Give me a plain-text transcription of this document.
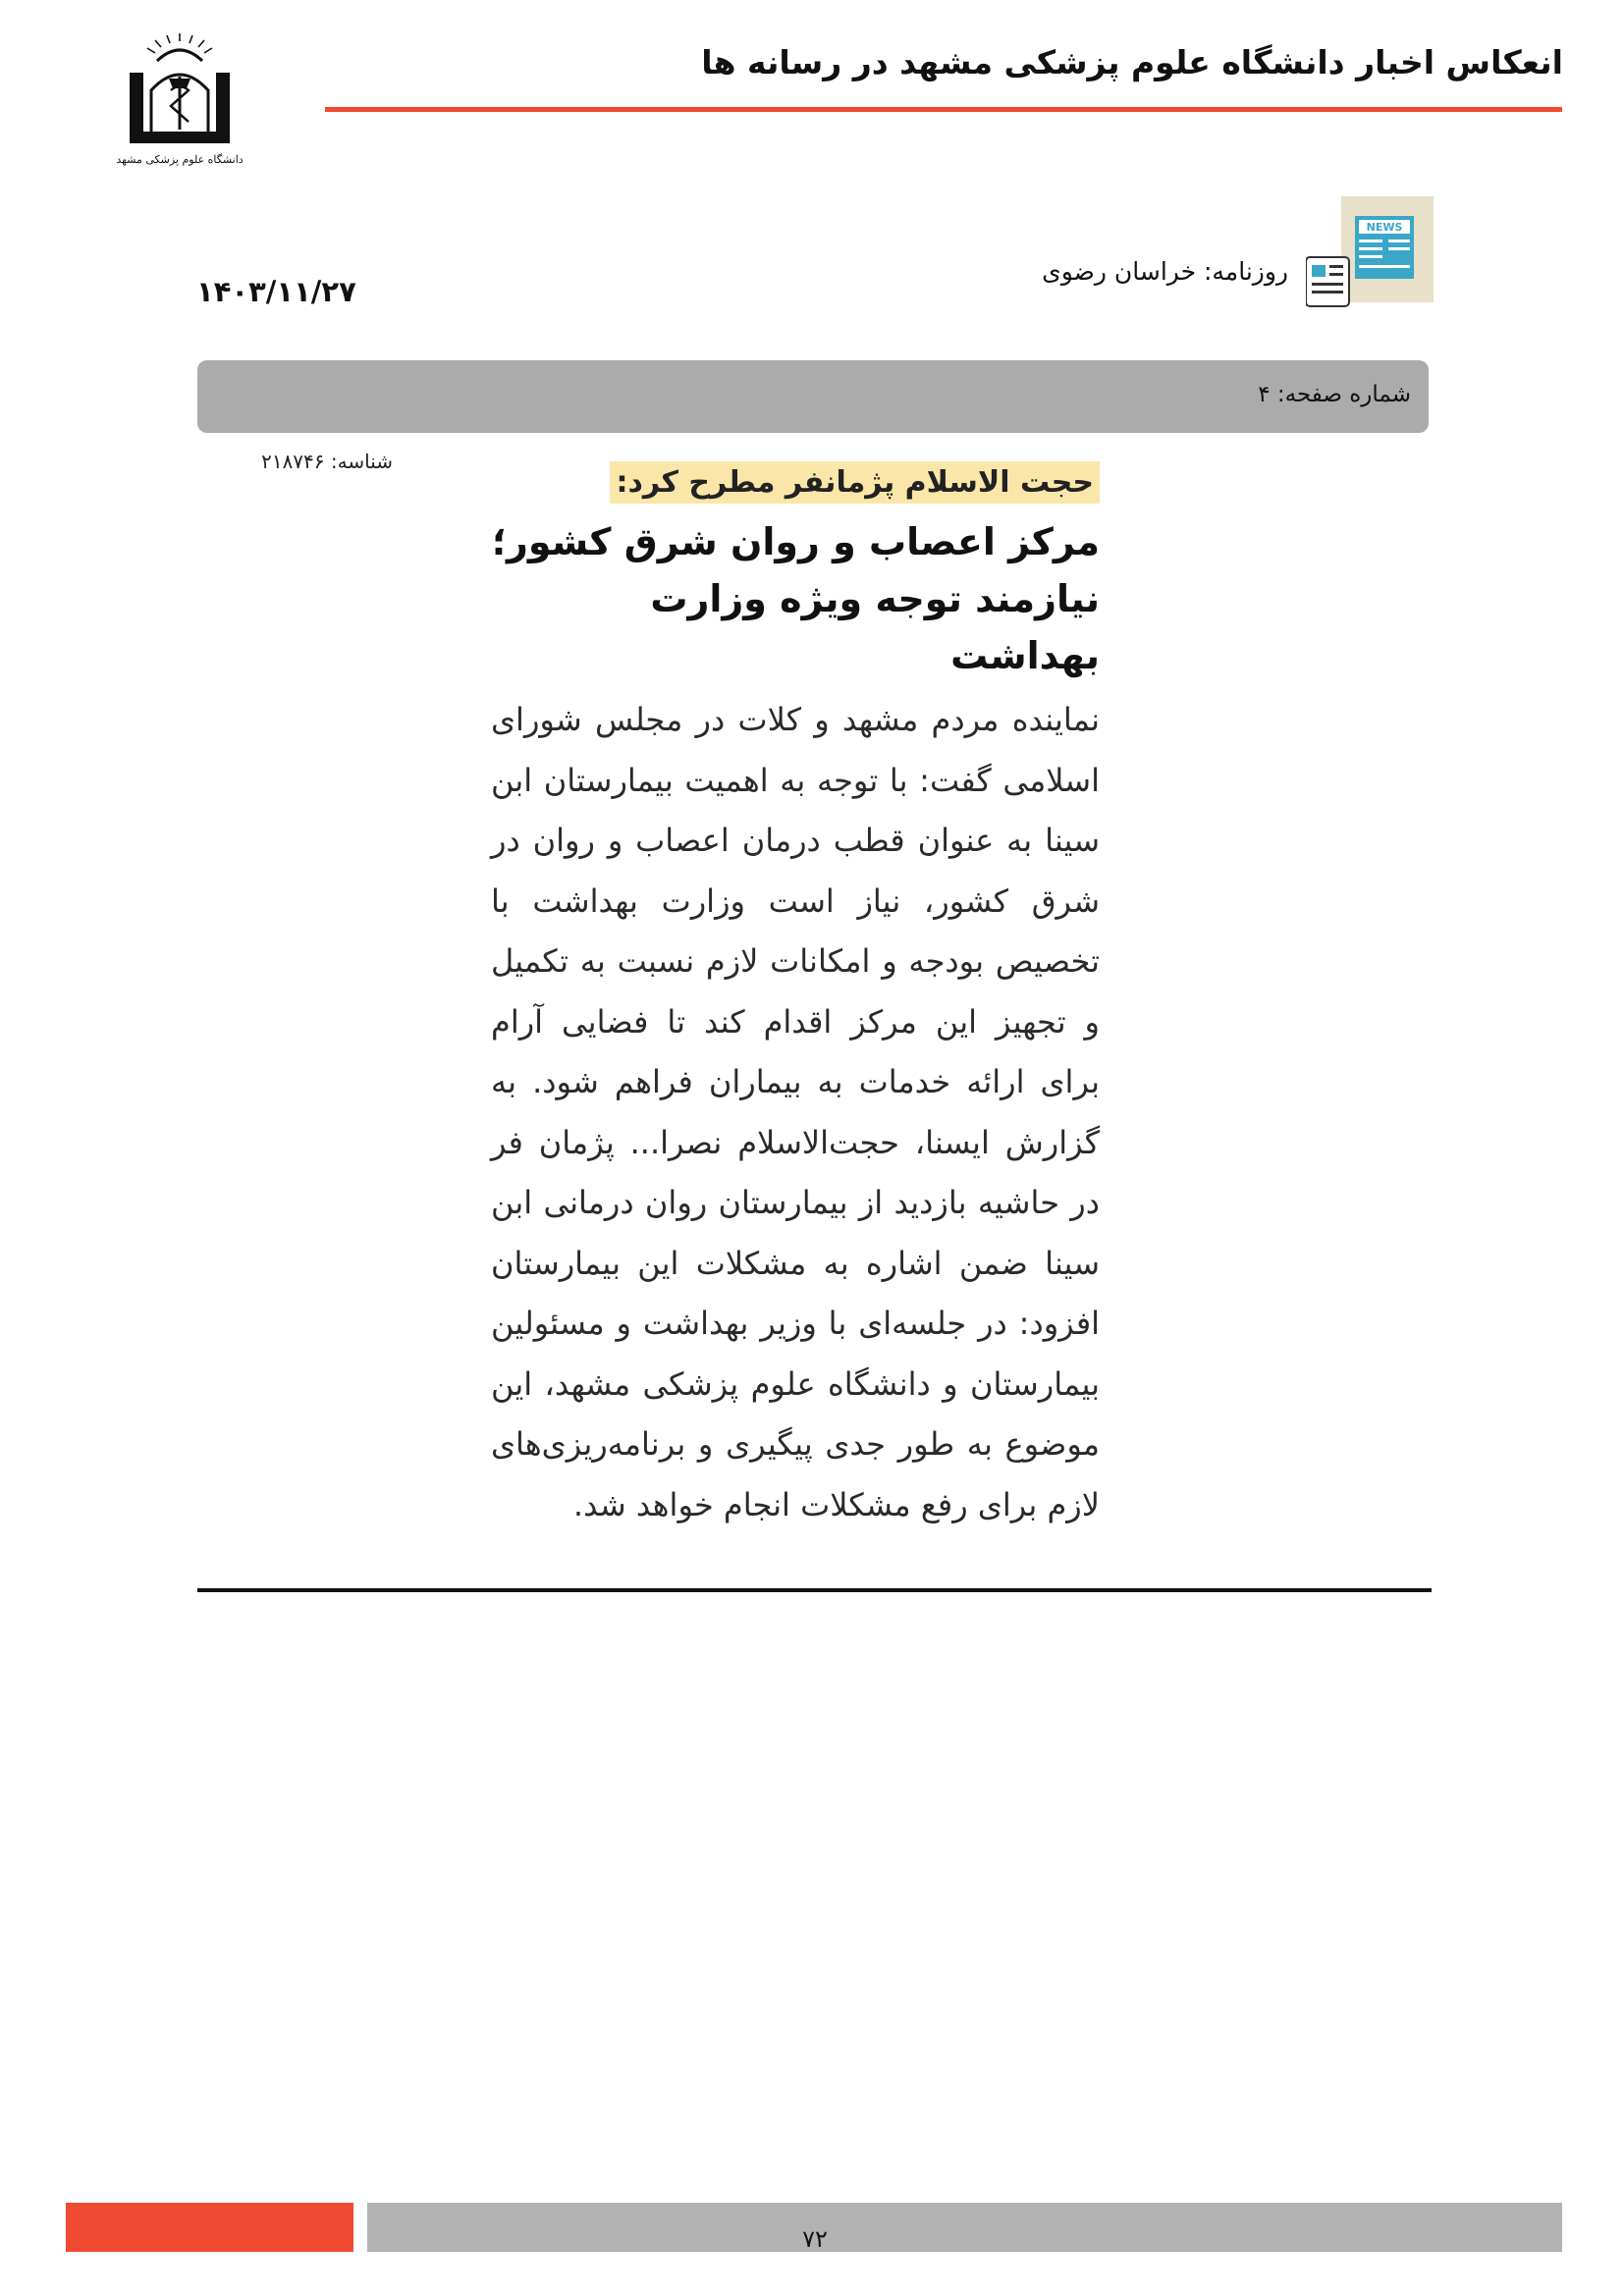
انعکاس اخبار دانشگاه علوم پزشکی مشهد در رسانه ها
دانشگاه علوم پزشکی مشهد
NEWS
روزنامه: خراسان رضوی
۱۴۰۳/۱۱/۲۷
شماره صفحه: ۴
شناسه: ۲۱۸۷۴۶
حجت الاسلام پژمانفر مطرح کرد:
مرکز اعصاب و روان شرق کشور؛ نیازمند توجه ویژه وزارت بهداشت

نماینده مردم مشهد و کلات در مجلس شورای اسلامی گفت: با توجه به اهمیت بیمارستان ابن سینا به عنوان قطب درمان اعصاب و روان در شرق کشور، نیاز است وزارت بهداشت با تخصیص بودجه و امکانات لازم نسبت به تکمیل و تجهیز این مرکز اقدام کند تا فضایی آرام برای ارائه خدمات به بیماران فراهم شود. به گزارش ایسنا، حجت‌الاسلام نصرا... پژمان فر در حاشیه بازدید از بیمارستان روان درمانی ابن سینا ضمن اشاره به مشکلات این بیمارستان افزود: در جلسه‌ای با وزیر بهداشت و مسئولین بیمارستان و دانشگاه علوم پزشکی مشهد، این موضوع به طور جدی پیگیری و برنامه‌ریزی‌های لازم برای رفع مشکلات انجام خواهد شد.

۷۲
